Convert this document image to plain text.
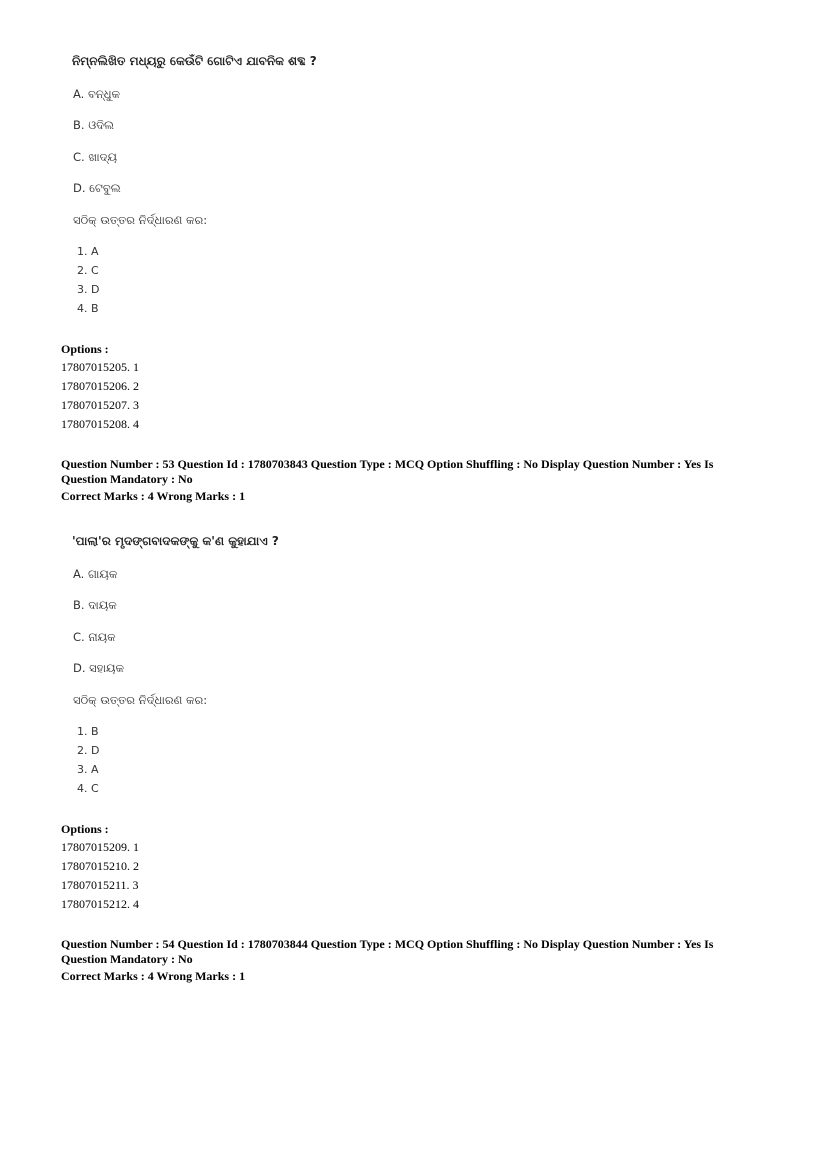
ନିମ୍ନଲିଖିତ ମଧ୍ୟରୁ କେଉଁଟି ଗୋଟିଏ ଯାବନିକ ଶବ୍ଦ ?
A. ବନ୍ଧୁକ
B. ଓଦିଲ
C. ଖାଦ୍ୟ
D. ଟେବୁଲ
ସଠିକ୍ ଉତ୍ତର ନିର୍ଦ୍ଧାରଣ କର:
1. A
2. C
3. D
4. B
Options :
17807015205. 1
17807015206. 2
17807015207. 3
17807015208. 4
Question Number : 53 Question Id : 1780703843 Question Type : MCQ Option Shuffling : No Display Question Number : Yes Is
Question Mandatory : No
Correct Marks : 4 Wrong Marks : 1
'ପାଲା'ର ମୃଦଙ୍ଗବାଦକଙ୍କୁ କ'ଣ କୁହାଯାଏ ?
A. ଗାୟକ
B. ଦାୟକ
C. ନାୟକ
D. ସହାୟକ
ସଠିକ୍ ଉତ୍ତର ନିର୍ଦ୍ଧାରଣ କର:
1. B
2. D
3. A
4. C
Options :
17807015209. 1
17807015210. 2
17807015211. 3
17807015212. 4
Question Number : 54 Question Id : 1780703844 Question Type : MCQ Option Shuffling : No Display Question Number : Yes Is
Question Mandatory : No
Correct Marks : 4 Wrong Marks : 1
